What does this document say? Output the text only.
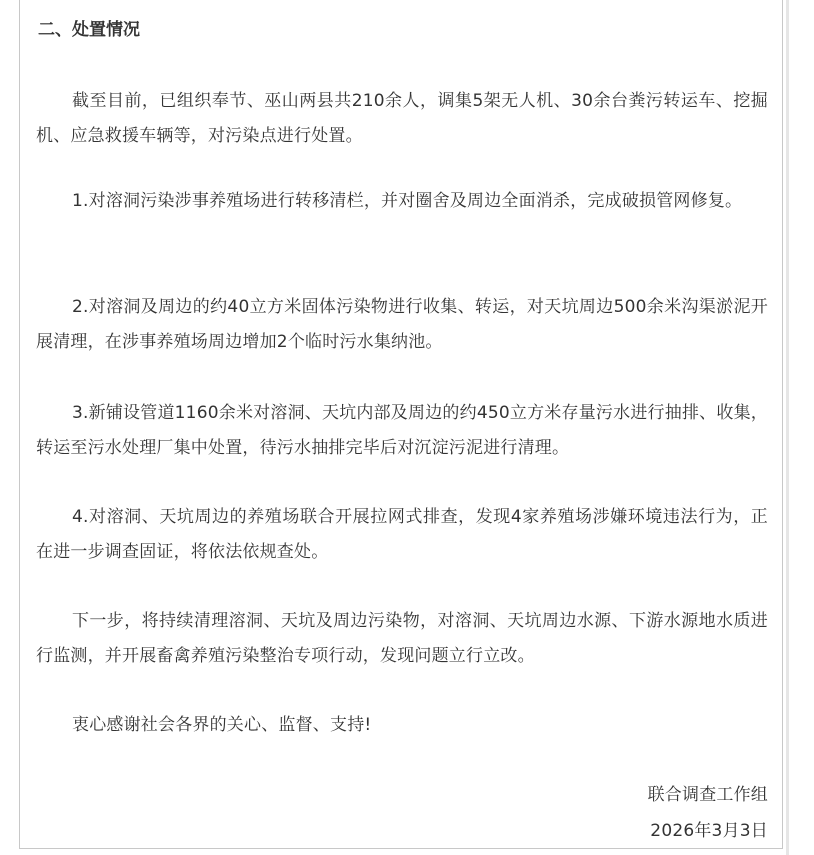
二、处置情况

截至目前，已组织奉节、巫山两县共210余人，调集5架无人机、30余台粪污转运车、挖掘机、应急救援车辆等，对污染点进行处置。

1.对溶洞污染涉事养殖场进行转移清栏，并对圈舍及周边全面消杀，完成破损管网修复。

2.对溶洞及周边的约40立方米固体污染物进行收集、转运，对天坑周边500余米沟渠淤泥开展清理，在涉事养殖场周边增加2个临时污水集纳池。

3.新铺设管道1160余米对溶洞、天坑内部及周边的约450立方米存量污水进行抽排、收集，转运至污水处理厂集中处置，待污水抽排完毕后对沉淀污泥进行清理。

4.对溶洞、天坑周边的养殖场联合开展拉网式排查，发现4家养殖场涉嫌环境违法行为，正在进一步调查固证，将依法依规查处。

下一步，将持续清理溶洞、天坑及周边污染物，对溶洞、天坑周边水源、下游水源地水质进行监测，并开展畜禽养殖污染整治专项行动，发现问题立行立改。

衷心感谢社会各界的关心、监督、支持!

联合调查工作组

2026年3月3日
